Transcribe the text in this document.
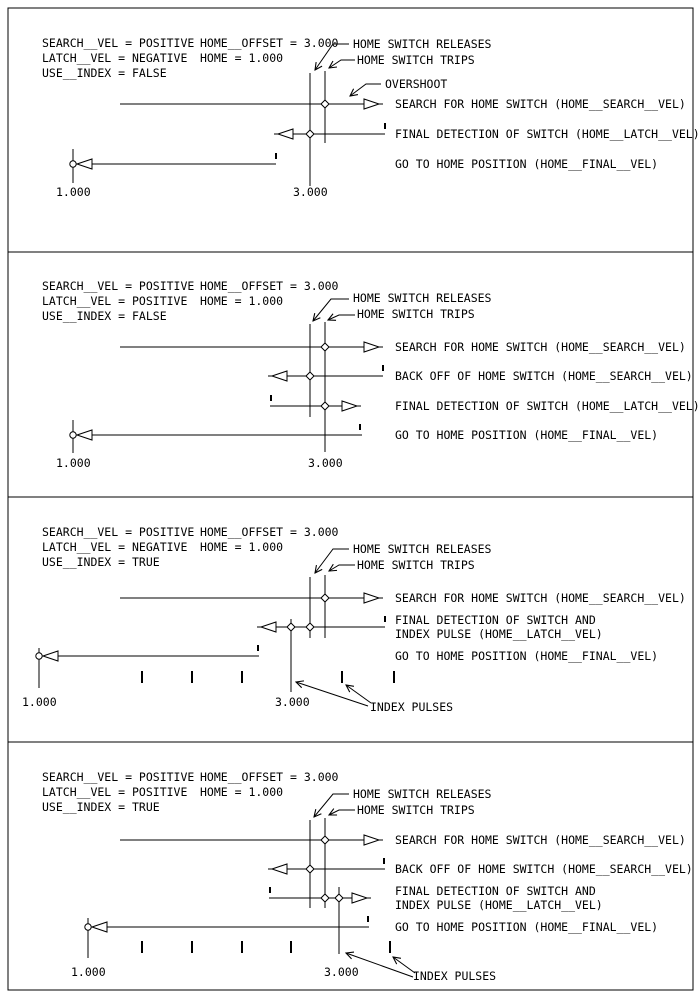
SEARCH__VEL = POSITIVE HOME__OFFSET = 3.000
LATCH__VEL = NEGATIVE	HOME = 1.000
USE__INDEX = FALSE
HOME SWITCH RELEASES
HOME SWITCH TRIPS
OVERSHOOT
SEARCH FOR HOME SWITCH (HOME__SEARCH__VEL)
FINAL DETECTION OF SWITCH (HOME__LATCH__VEL)
GO TO HOME POSITION (HOME__FINAL__VEL)
1.000	3.000
SEARCH__VEL = POSITIVE HOME__OFFSET = 3.000
LATCH__VEL = POSITIVE	HOME = 1.000
USE__INDEX = FALSE
HOME SWITCH RELEASES
HOME SWITCH TRIPS
SEARCH FOR HOME SWITCH (HOME__SEARCH__VEL)
BACK OFF OF HOME SWITCH (HOME__SEARCH__VEL)
FINAL DETECTION OF SWITCH (HOME__LATCH__VEL)
GO TO HOME POSITION (HOME__FINAL__VEL)
1.000	3.000
SEARCH__VEL = POSITIVE HOME__OFFSET = 3.000
LATCH__VEL = NEGATIVE	HOME = 1.000
USE__INDEX = TRUE
HOME SWITCH RELEASES
HOME SWITCH TRIPS
SEARCH FOR HOME SWITCH (HOME__SEARCH__VEL)
FINAL DETECTION OF SWITCH AND
INDEX PULSE (HOME__LATCH__VEL)
GO TO HOME POSITION (HOME__FINAL__VEL)
1.000	3.000	INDEX PULSES
SEARCH__VEL = POSITIVE HOME__OFFSET = 3.000
LATCH__VEL = POSITIVE	HOME = 1.000
USE__INDEX = TRUE
HOME SWITCH RELEASES
HOME SWITCH TRIPS
SEARCH FOR HOME SWITCH (HOME__SEARCH__VEL)
BACK OFF OF HOME SWITCH (HOME__SEARCH__VEL)
FINAL DETECTION OF SWITCH AND
INDEX PULSE (HOME__LATCH__VEL)
GO TO HOME POSITION (HOME__FINAL__VEL)
1.000	3.000	INDEX PULSES
